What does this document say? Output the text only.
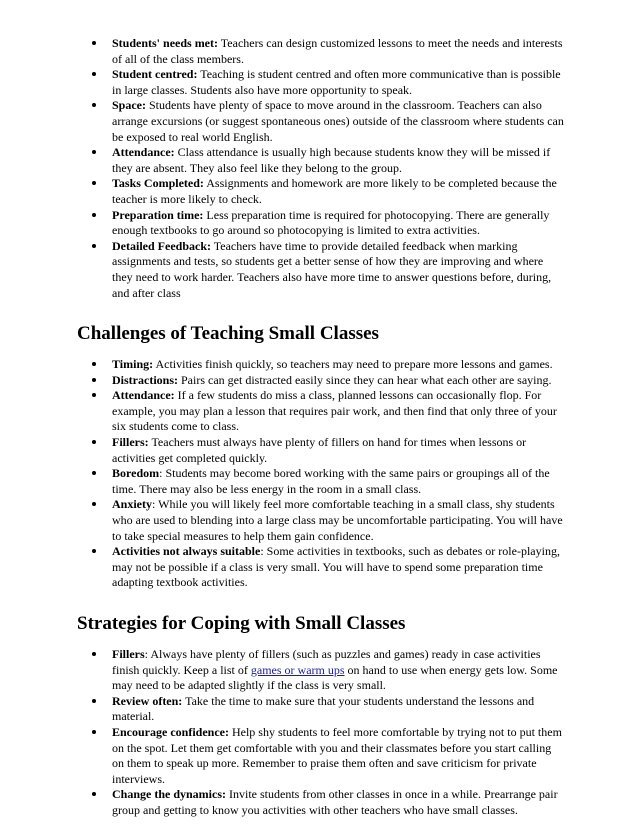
Students' needs met: Teachers can design customized lessons to meet the needs and interests of all of the class members.
Student centred: Teaching is student centred and often more communicative than is possible in large classes. Students also have more opportunity to speak.
Space: Students have plenty of space to move around in the classroom. Teachers can also arrange excursions (or suggest spontaneous ones) outside of the classroom where students can be exposed to real world English.
Attendance: Class attendance is usually high because students know they will be missed if they are absent. They also feel like they belong to the group.
Tasks Completed: Assignments and homework are more likely to be completed because the teacher is more likely to check.
Preparation time: Less preparation time is required for photocopying. There are generally enough textbooks to go around so photocopying is limited to extra activities.
Detailed Feedback: Teachers have time to provide detailed feedback when marking assignments and tests, so students get a better sense of how they are improving and where they need to work harder. Teachers also have more time to answer questions before, during, and after class
Challenges of Teaching Small Classes
Timing: Activities finish quickly, so teachers may need to prepare more lessons and games.
Distractions: Pairs can get distracted easily since they can hear what each other are saying.
Attendance: If a few students do miss a class, planned lessons can occasionally flop. For example, you may plan a lesson that requires pair work, and then find that only three of your six students come to class.
Fillers: Teachers must always have plenty of fillers on hand for times when lessons or activities get completed quickly.
Boredom: Students may become bored working with the same pairs or groupings all of the time. There may also be less energy in the room in a small class.
Anxiety: While you will likely feel more comfortable teaching in a small class, shy students who are used to blending into a large class may be uncomfortable participating. You will have to take special measures to help them gain confidence.
Activities not always suitable: Some activities in textbooks, such as debates or role-playing, may not be possible if a class is very small. You will have to spend some preparation time adapting textbook activities.
Strategies for Coping with Small Classes
Fillers: Always have plenty of fillers (such as puzzles and games) ready in case activities finish quickly. Keep a list of games or warm ups on hand to use when energy gets low. Some may need to be adapted slightly if the class is very small.
Review often: Take the time to make sure that your students understand the lessons and material.
Encourage confidence: Help shy students to feel more comfortable by trying not to put them on the spot. Let them get comfortable with you and their classmates before you start calling on them to speak up more. Remember to praise them often and save criticism for private interviews.
Change the dynamics: Invite students from other classes in once in a while. Prearrange pair group and getting to know you activities with other teachers who have small classes.
